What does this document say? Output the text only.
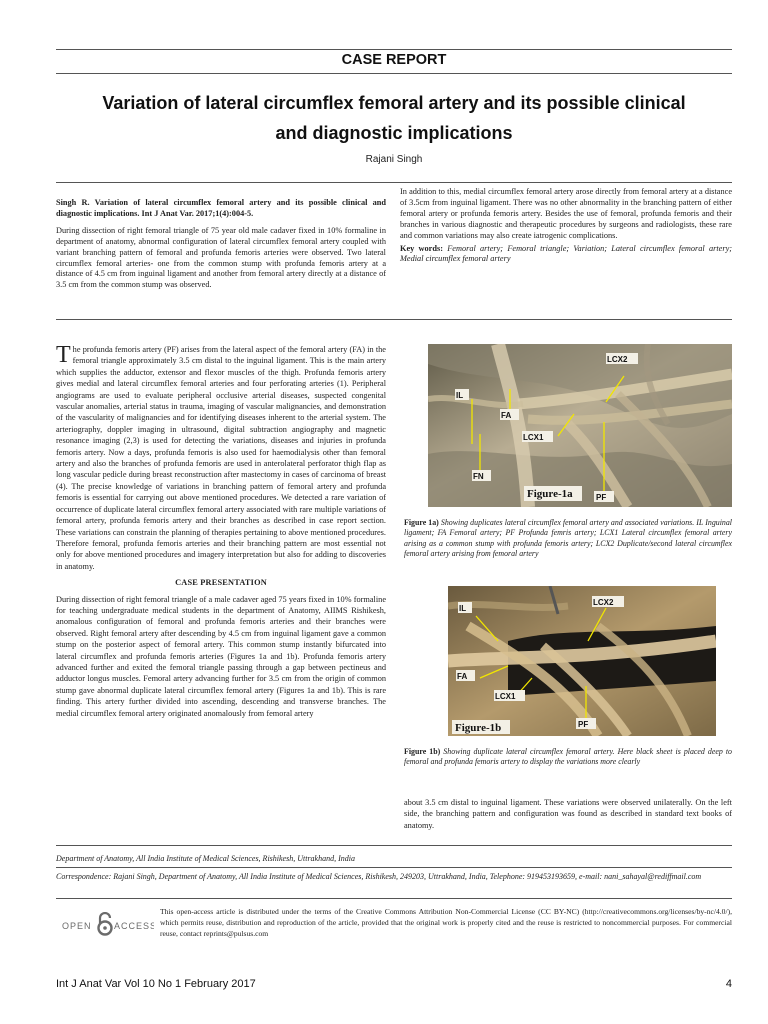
CASE REPORT
Variation of lateral circumflex femoral artery and its possible clinical
and diagnostic implications
Rajani Singh
Singh R. Variation of lateral circumflex femoral artery and its possible clinical and diagnostic implications. Int J Anat Var. 2017;1(4):004-5.
During dissection of right femoral triangle of 75 year old male cadaver fixed in 10% formaline in department of anatomy, abnormal configuration of lateral circumflex femoral artery coupled with variant branching pattern of femoral and profunda femoris arteries were observed. Two lateral circumflex femoral arteries- one from the common stump with profunda femoris artery at a distance of 4.5 cm from inguinal ligament and another from femoral artery directly at a distance of 3.5 cm from the common stump was observed.
In addition to this, medial circumflex femoral artery arose directly from femoral artery at a distance of 3.5cm from inguinal ligament. There was no other abnormality in the branching pattern of either femoral artery or profunda femoris artery. Besides the use of femoral, profunda femoris and their branches in various diagnostic and therapeutic procedures by surgeons and radiologists, these rare and common variations may also create iatrogenic complications.
Key words: Femoral artery; Femoral triangle; Variation; Lateral circumflex femoral artery; Medial circumflex femoral artery

The profunda femoris artery (PF) arises from the lateral aspect of the femoral artery (FA) in the femoral triangle approximately 3.5 cm distal to the inguinal ligament. This is the main artery which supplies the adductor, extensor and flexor muscles of the thigh. Profunda femoris artery gives medial and lateral circumflex femoral arteries and four perforating arteries (1). Peripheral angiograms are used to evaluate peripheral occlusive arterial diseases, suspected congenital vascular anomalies, arterial status in trauma, imaging of vascular malignancies, and demonstration of the vascularity of malignancies and for identifying diseases inherent to the arterial system. The arteriography, doppler imaging in ultrasound, digital subtraction angiography and magnetic resonance imaging (2,3) is used for detecting the variations, diseases and injuries in profunda femoris artery. Now a days, profunda femoris is also used for haemodialysis other than femoral artery and also the branches of profunda femoris are used in anterolateral perforator thigh flap as long vascular pedicle during breast reconstruction after mastectomy in cases of carcinoma of breast (4). The precise knowledge of variations in branching pattern of femoral artery and profunda femoris is essential for carrying out above mentioned procedures. We detected a rare variation of occurrence of duplicate lateral circumflex femoral artery associated with rare multiple variations of femoral artery, profunda femoris artery and their branches as described in case report section. These variations can constrain the planning of therapies pertaining to above mentioned procedures. Therefore femoral, profunda femoris arteries and their branching pattern are most essential not only for above mentioned procedures and imagery interpretation but also for adding to discoveries in anatomy.

CASE PRESENTATION

During dissection of right femoral triangle of a male cadaver aged 75 years fixed in 10% formaline for teaching undergraduate medical students in the department of Anatomy, AIIMS Rishikesh, anomalous configuration of femoral and profunda femoris arteries and their branches were observed. Right femoral artery after descending by 4.5 cm from inguinal ligament gave a common stump on the posterior aspect of femoral artery. This common stump instantly bifurcated into lateral circumflex and profunda femoris arteries (Figures 1a and 1b). Profunda femoris artery advanced further and exited the femoral triangle passing through a gap between pectineus and adductor longus muscles. Femoral artery advancing further for 3.5 cm from the origin of common stump gave abnormal duplicate lateral circumflex femoral artery (Figures 1a and 1b). This is rare finding. This artery further divided into ascending, descending and transverse branches. The medial circumflex femoral artery originated anomalously from femoral artery

IL
FA
LCX1
LCX2
FN
PF
Figure-1a
Figure 1a) Showing duplicates lateral circumflex femoral artery and associated variations. IL Inguinal ligament; FA Femoral artery; PF Profunda femris artery; LCX1 Lateral circumflex femoral artery arising as a common stump with profunda femoris artery; LCX2 Duplicate/second lateral circumflex femoral artery arising from femoral artery
IL
FA
LCX1
LCX2
PF
Figure-1b
Figure 1b) Showing duplicate lateral circumflex femoral artery. Here black sheet is placed deep to femoral and profunda femoris artery to display the variations more clearly

about 3.5 cm distal to inguinal ligament. These variations were observed unilaterally. On the left side, the branching pattern and configuration was found as described in standard text books of anatomy.

Department of Anatomy, All India Institute of Medical Sciences, Rishikesh, Uttrakhand, India
Correspondence: Rajani Singh, Department of Anatomy, All India Institute of Medical Sciences, Rishikesh, 249203, Uttrakhand, India, Telephone: 919453193659, e-mail: nani_sahayal@rediffmail.com
OPEN ACCESS
This open-access article is distributed under the terms of the Creative Commons Attribution Non-Commercial License (CC BY-NC) (http://creativecommons.org/licenses/by-nc/4.0/), which permits reuse, distribution and reproduction of the article, provided that the original work is properly cited and the reuse is restricted to noncommercial purposes. For commercial reuse, contact reprints@pulsus.com
Int J Anat Var Vol 10 No 1 February 2017	4
